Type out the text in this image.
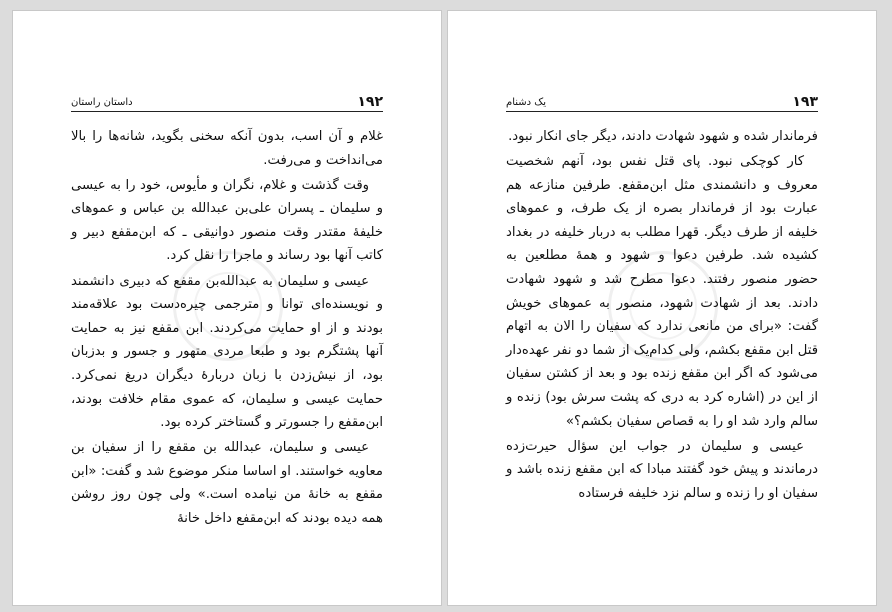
۱۹۲
داستان راستان

غلام و آن اسب، بدون آنکه سخنی بگوید، شانه‌ها را بالا می‌انداخت و می‌رفت.

وقت گذشت و غلام، نگران و مأیوس، خود را به عیسی و سلیمان ـ پسران علی‌بن عبدالله بن عباس و عموهای خلیفهٔ مقتدر وقت منصور دوانیقی ـ که ابن‌مقفع دبیر و کاتب آنها بود رساند و ماجرا را نقل کرد.

عیسی و سلیمان به عبدالله‌بن مقفع که دبیری دانشمند و نویسنده‌ای توانا و مترجمی چیره‌دست بود علاقه‌مند بودند و از او حمایت می‌کردند. ابن مقفع نیز به حمایت آنها پشتگرم بود و طبعا مردی متهور و جسور و بدزبان بود، از نیش‌زدن با زبان دربارهٔ دیگران دریغ نمی‌کرد. حمایت عیسی و سلیمان، که عموی مقام خلافت بودند، ابن‌مقفع را جسورتر و گستاختر کرده بود.

عیسی و سلیمان، عبدالله بن مقفع را از سفیان بن معاویه خواستند. او اساسا منکر موضوع شد و گفت: «ابن مقفع به خانهٔ من نیامده است.» ولی چون روز روشن همه دیده بودند که ابن‌مقفع داخل خانهٔ

۱۹۳
یک دشنام

فرماندار شده و شهود شهادت دادند، دیگر جای انکار نبود.

کار کوچکی نبود. پای قتل نفس بود، آنهم شخصیت معروف و دانشمندی مثل ابن‌مقفع. طرفین منازعه هم عبارت بود از فرماندار بصره از یک طرف، و عموهای خلیفه از طرف دیگر. قهرا مطلب به دربار خلیفه در بغداد کشیده شد. طرفین دعوا و شهود و همهٔ مطلعین به حضور منصور رفتند. دعوا مطرح شد و شهود شهادت دادند. بعد از شهادت شهود، منصور به عموهای خویش گفت: «برای من مانعی ندارد که سفیان را الان به اتهام قتل ابن مقفع بکشم، ولی کدام‌یک از شما دو نفر عهده‌دار می‌شود که اگر ابن مقفع زنده بود و بعد از کشتن سفیان از این در (اشاره کرد به دری که پشت سرش بود) زنده و سالم وارد شد او را به قصاص سفیان بکشم؟»

عیسی و سلیمان در جواب این سؤال حیرت‌زده درماندند و پیش خود گفتند مبادا که ابن مقفع زنده باشد و سفیان او را زنده و سالم نزد خلیفه فرستاده
